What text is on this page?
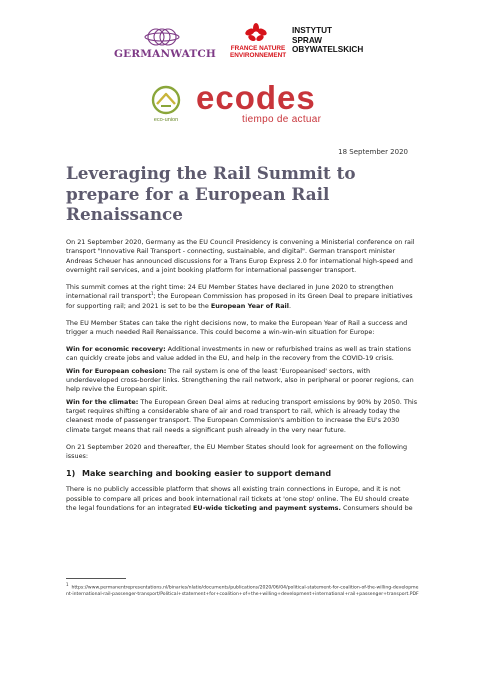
GERMANWATCH FRANCE NATURE
ENVIRONNEMENT
INSTYTUT
SPRAW
OBYWATELSKICH
eco-union
ecodes
tiempo de actuar
18 September 2020
Leveraging the Rail Summit to prepare for a European Rail Renaissance

On 21 September 2020, Germany as the EU Council Presidency is convening a Ministerial conference on rail transport "Innovative Rail Transport - connecting, sustainable, and digital". German transport minister Andreas Scheuer has announced discussions for a Trans Europ Express 2.0 for international high-speed and overnight rail services, and a joint booking platform for international passenger transport.

This summit comes at the right time: 24 EU Member States have declared in June 2020 to strengthen international rail transport$^1$; the European Commission has proposed in its Green Deal to prepare initiatives for supporting rail; and 2021 is set to be the European Year of Rail.

The EU Member States can take the right decisions now, to make the European Year of Rail a success and trigger a much needed Rail Renaissance. This could become a win-win-win situation for Europe:

Win for economic recovery: Additional investments in new or refurbished trains as well as train stations can quickly create jobs and value added in the EU, and help in the recovery from the COVID-19 crisis.

Win for European cohesion: The rail system is one of the least 'Europeanised' sectors, with underdeveloped cross-border links. Strengthening the rail network, also in peripheral or poorer regions, can help revive the European spirit.

Win for the climate: The European Green Deal aims at reducing transport emissions by 90% by 2050. This target requires shifting a considerable share of air and road transport to rail, which is already today the cleanest mode of passenger transport. The European Commission's ambition to increase the EU's 2030 climate target means that rail needs a significant push already in the very near future.

On 21 September 2020 and thereafter, the EU Member States should look for agreement on the following issues:

1) Make searching and booking easier to support demand

There is no publicly accessible platform that shows all existing train connections in Europe, and it is not possible to compare all prices and book international rail tickets at 'one stop' online. The EU should create the legal foundations for an integrated EU-wide ticketing and payment systems. Consumers should be

$^1$  https://www.permanentrepresentations.nl/binaries/nlatio/documents/publications/2020/06/04/political-statement-for-coalition-of-the-willing-development-international-rail-passenger-transport/Political+statement+for+coalition+of+the+willing+development+international+rail+passenger+transport.PDF
